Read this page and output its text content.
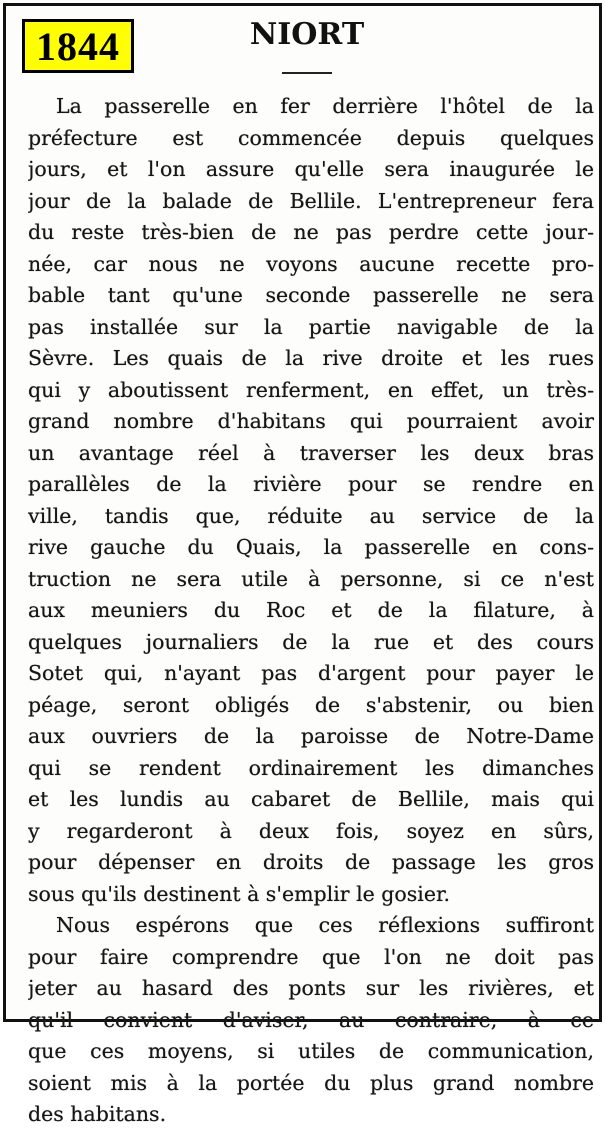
1844	NIORT
La passerelle en fer derrière l'hôtel de la
préfecture est commencée depuis quelques
jours, et l'on assure qu'elle sera inaugurée le
jour de la balade de Bellile. L'entrepreneur fera
du reste très-bien de ne pas perdre cette jour-
née, car nous ne voyons aucune recette pro-
bable tant qu'une seconde passerelle ne sera
pas installée sur la partie navigable de la
Sèvre. Les quais de la rive droite et les rues
qui y aboutissent renferment, en effet, un très-
grand nombre d'habitans qui pourraient avoir
un avantage réel à traverser les deux bras
parallèles de la rivière pour se rendre en
ville, tandis que, réduite au service de la
rive gauche du Quais, la passerelle en cons-
truction ne sera utile à personne, si ce n'est
aux meuniers du Roc et de la filature, à
quelques journaliers de la rue et des cours
Sotet qui, n'ayant pas d'argent pour payer le
péage, seront obligés de s'abstenir, ou bien
aux ouvriers de la paroisse de Notre-Dame
qui se rendent ordinairement les dimanches
et les lundis au cabaret de Bellile, mais qui
y regarderont à deux fois, soyez en sûrs,
pour dépenser en droits de passage les gros
sous qu'ils destinent à s'emplir le gosier.
Nous espérons que ces réflexions suffiront
pour faire comprendre que l'on ne doit pas
jeter au hasard des ponts sur les rivières, et
qu'il convient d'aviser, au contraire, à ce
que ces moyens, si utiles de communication,
soient mis à la portée du plus grand nombre
des habitans.
